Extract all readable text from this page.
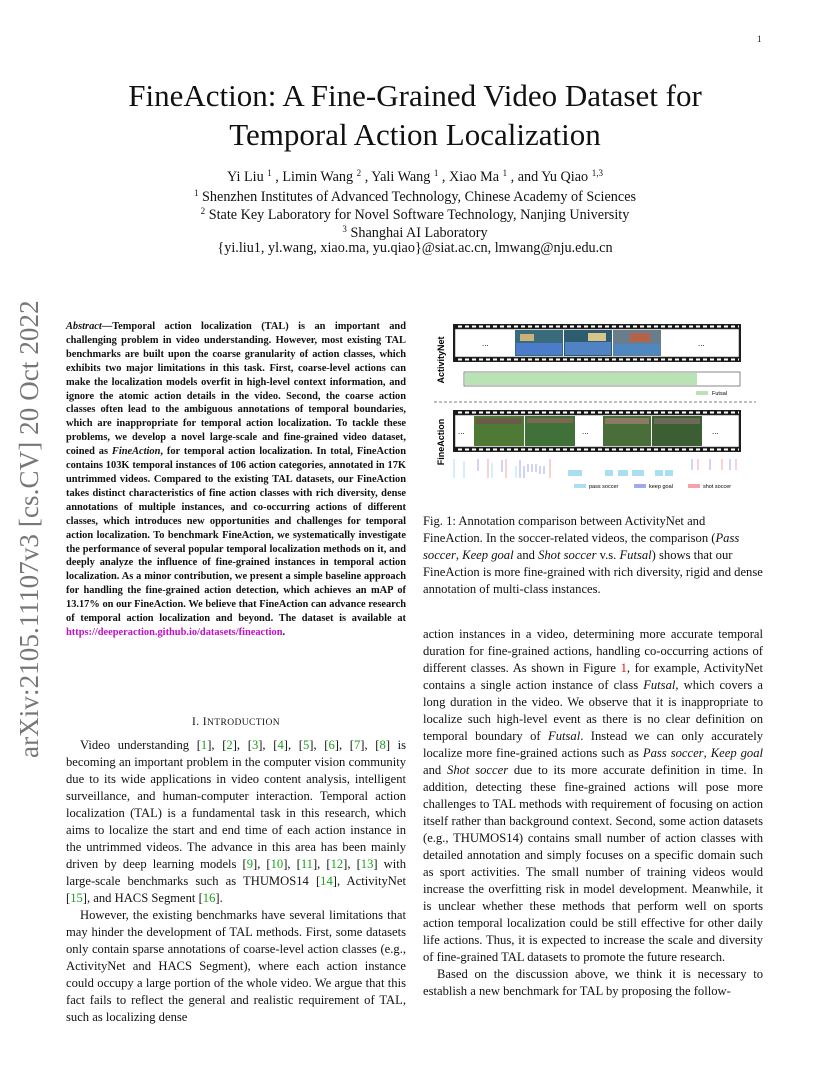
1
FineAction: A Fine-Grained Video Dataset for
Temporal Action Localization
Yi Liu $^1$ , Limin Wang $^2$ , Yali Wang $^1$ , Xiao Ma $^1$ , and Yu Qiao $^{1,3}$
$^1$ Shenzhen Institutes of Advanced Technology, Chinese Academy of Sciences
$^2$ State Key Laboratory for Novel Software Technology, Nanjing University
$^3$ Shanghai AI Laboratory
{yi.liu1, yl.wang, xiao.ma, yu.qiao}@siat.ac.cn, lmwang@nju.edu.cn
arXiv:2105.11107v3 [cs.CV] 20 Oct 2022 Abstract—Temporal action localization (TAL) is an important and challenging problem in video understanding. However, most existing TAL benchmarks are built upon the coarse granularity of action classes, which exhibits two major limitations in this task. First, coarse-level actions can make the localization models overfit in high-level context information, and ignore the atomic action details in the video. Second, the coarse action classes often lead to the ambiguous annotations of temporal boundaries, which are inappropriate for temporal action localization. To tackle these problems, we develop a novel large-scale and fine-grained video dataset, coined as FineAction, for temporal action localization. In total, FineAction contains 103K temporal instances of 106 action categories, annotated in 17K untrimmed videos. Compared to the existing TAL datasets, our FineAction takes distinct characteristics of fine action classes with rich diversity, dense annotations of multiple instances, and co-occurring actions of different classes, which introduces new opportunities and challenges for temporal action localization. To benchmark FineAction, we systematically investigate the performance of several popular temporal localization methods on it, and deeply analyze the influence of fine-grained instances in temporal action localization. As a minor contribution, we present a simple baseline approach for handling the fine-grained action detection, which achieves an mAP of 13.17% on our FineAction. We believe that FineAction can advance research of temporal action localization and beyond. The dataset is available at https://deeperaction.github.io/datasets/fineaction.
I. INTRODUCTION

Video understanding [1], [2], [3], [4], [5], [6], [7], [8] is becoming an important problem in the computer vision community due to its wide applications in video content analysis, intelligent surveillance, and human-computer interaction. Temporal action localization (TAL) is a fundamental task in this research, which aims to localize the start and end time of each action instance in the untrimmed videos. The advance in this area has been mainly driven by deep learning models [9], [10], [11], [12], [13] with large-scale benchmarks such as THUMOS14 [14], ActivityNet [15], and HACS Segment [16].

However, the existing benchmarks have several limitations that may hinder the development of TAL methods. First, some datasets only contain sparse annotations of coarse-level action classes (e.g., ActivityNet and HACS Segment), where each action instance could occupy a large portion of the whole video. We argue that this fact fails to reflect the general and realistic requirement of TAL, such as localizing dense

ActivityNet
FineAction
...	...
Futsal
...	...	...
pass soccer	keep goal	shot soccer
Fig. 1: Annotation comparison between ActivityNet and FineAction. In the soccer-related videos, the comparison (Pass soccer, Keep goal and Shot soccer v.s. Futsal) shows that our FineAction is more fine-grained with rich diversity, rigid and dense annotation of multi-class instances.

action instances in a video, determining more accurate temporal duration for fine-grained actions, handling co-occurring actions of different classes. As shown in Figure 1, for example, ActivityNet contains a single action instance of class Futsal, which covers a long duration in the video. We observe that it is inappropriate to localize such high-level event as there is no clear definition on temporal boundary of Futsal. Instead we can only accurately localize more fine-grained actions such as Pass soccer, Keep goal and Shot soccer due to its more accurate definition in time. In addition, detecting these fine-grained actions will pose more challenges to TAL methods with requirement of focusing on action itself rather than background context. Second, some action datasets (e.g., THUMOS14) contains small number of action classes with detailed annotation and simply focuses on a specific domain such as sport activities. The small number of training videos would increase the overfitting risk in model development. Meanwhile, it is unclear whether these methods that perform well on sports action temporal localization could be still effective for other daily life actions. Thus, it is expected to increase the scale and diversity of fine-grained TAL datasets to promote the future research.

Based on the discussion above, we think it is necessary to establish a new benchmark for TAL by proposing the follow-
